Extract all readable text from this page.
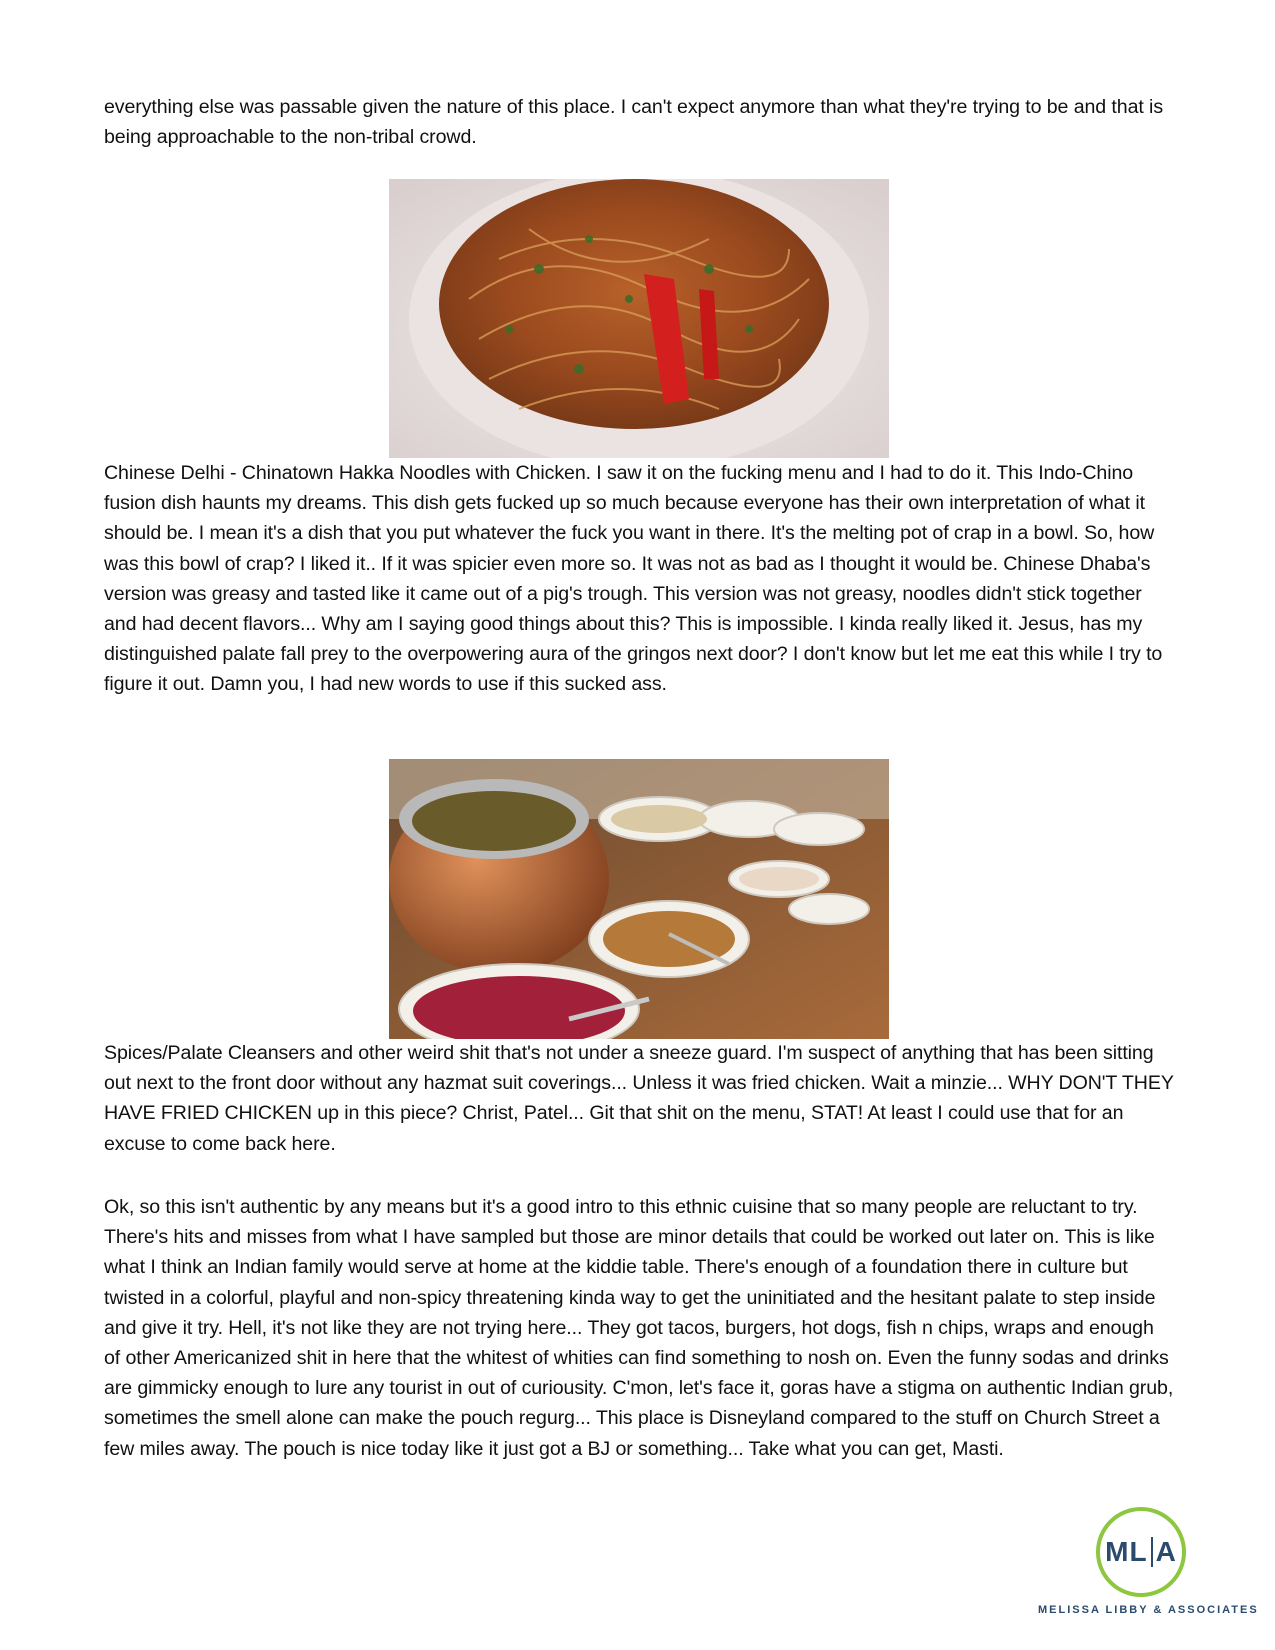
everything else was passable given the nature of this place. I can't expect anymore than what they're trying to be and that is being approachable to the non-tribal crowd.

Chinese Delhi - Chinatown Hakka Noodles with Chicken. I saw it on the fucking menu and I had to do it. This Indo-Chino fusion dish haunts my dreams. This dish gets fucked up so much because everyone has their own interpretation of what it should be. I mean it's a dish that you put whatever the fuck you want in there. It's the melting pot of crap in a bowl. So, how was this bowl of crap? I liked it.. If it was spicier even more so. It was not as bad as I thought it would be. Chinese Dhaba's version was greasy and tasted like it came out of a pig's trough. This version was not greasy, noodles didn't stick together and had decent flavors... Why am I saying good things about this? This is impossible. I kinda really liked it. Jesus, has my distinguished palate fall prey to the overpowering aura of the gringos next door? I don't know but let me eat this while I try to figure it out. Damn you, I had new words to use if this sucked ass.

Spices/Palate Cleansers and other weird shit that's not under a sneeze guard. I'm suspect of anything that has been sitting out next to the front door without any hazmat suit coverings... Unless it was fried chicken. Wait a minzie... WHY DON'T THEY HAVE FRIED CHICKEN up in this piece? Christ, Patel... Git that shit on the menu, STAT! At least I could use that for an excuse to come back here.

Ok, so this isn't authentic by any means but it's a good intro to this ethnic cuisine that so many people are reluctant to try. There's hits and misses from what I have sampled but those are minor details that could be worked out later on. This is like what I think an Indian family would serve at home at the kiddie table. There's enough of a foundation there in culture but twisted in a colorful, playful and non-spicy threatening kinda way to get the uninitiated and the hesitant palate to step inside and give it try. Hell, it's not like they are not trying here... They got tacos, burgers, hot dogs, fish n chips, wraps and enough of other Americanized shit in here that the whitest of whities can find something to nosh on. Even the funny sodas and drinks are gimmicky enough to lure any tourist in out of curiousity. C'mon, let's face it, goras have a stigma on authentic Indian grub, sometimes the smell alone can make the pouch regurg... This place is Disneyland compared to the stuff on Church Street a few miles away. The pouch is nice today like it just got a BJ or something... Take what you can get, Masti.

ML A
MELISSA LIBBY & ASSOCIATES
